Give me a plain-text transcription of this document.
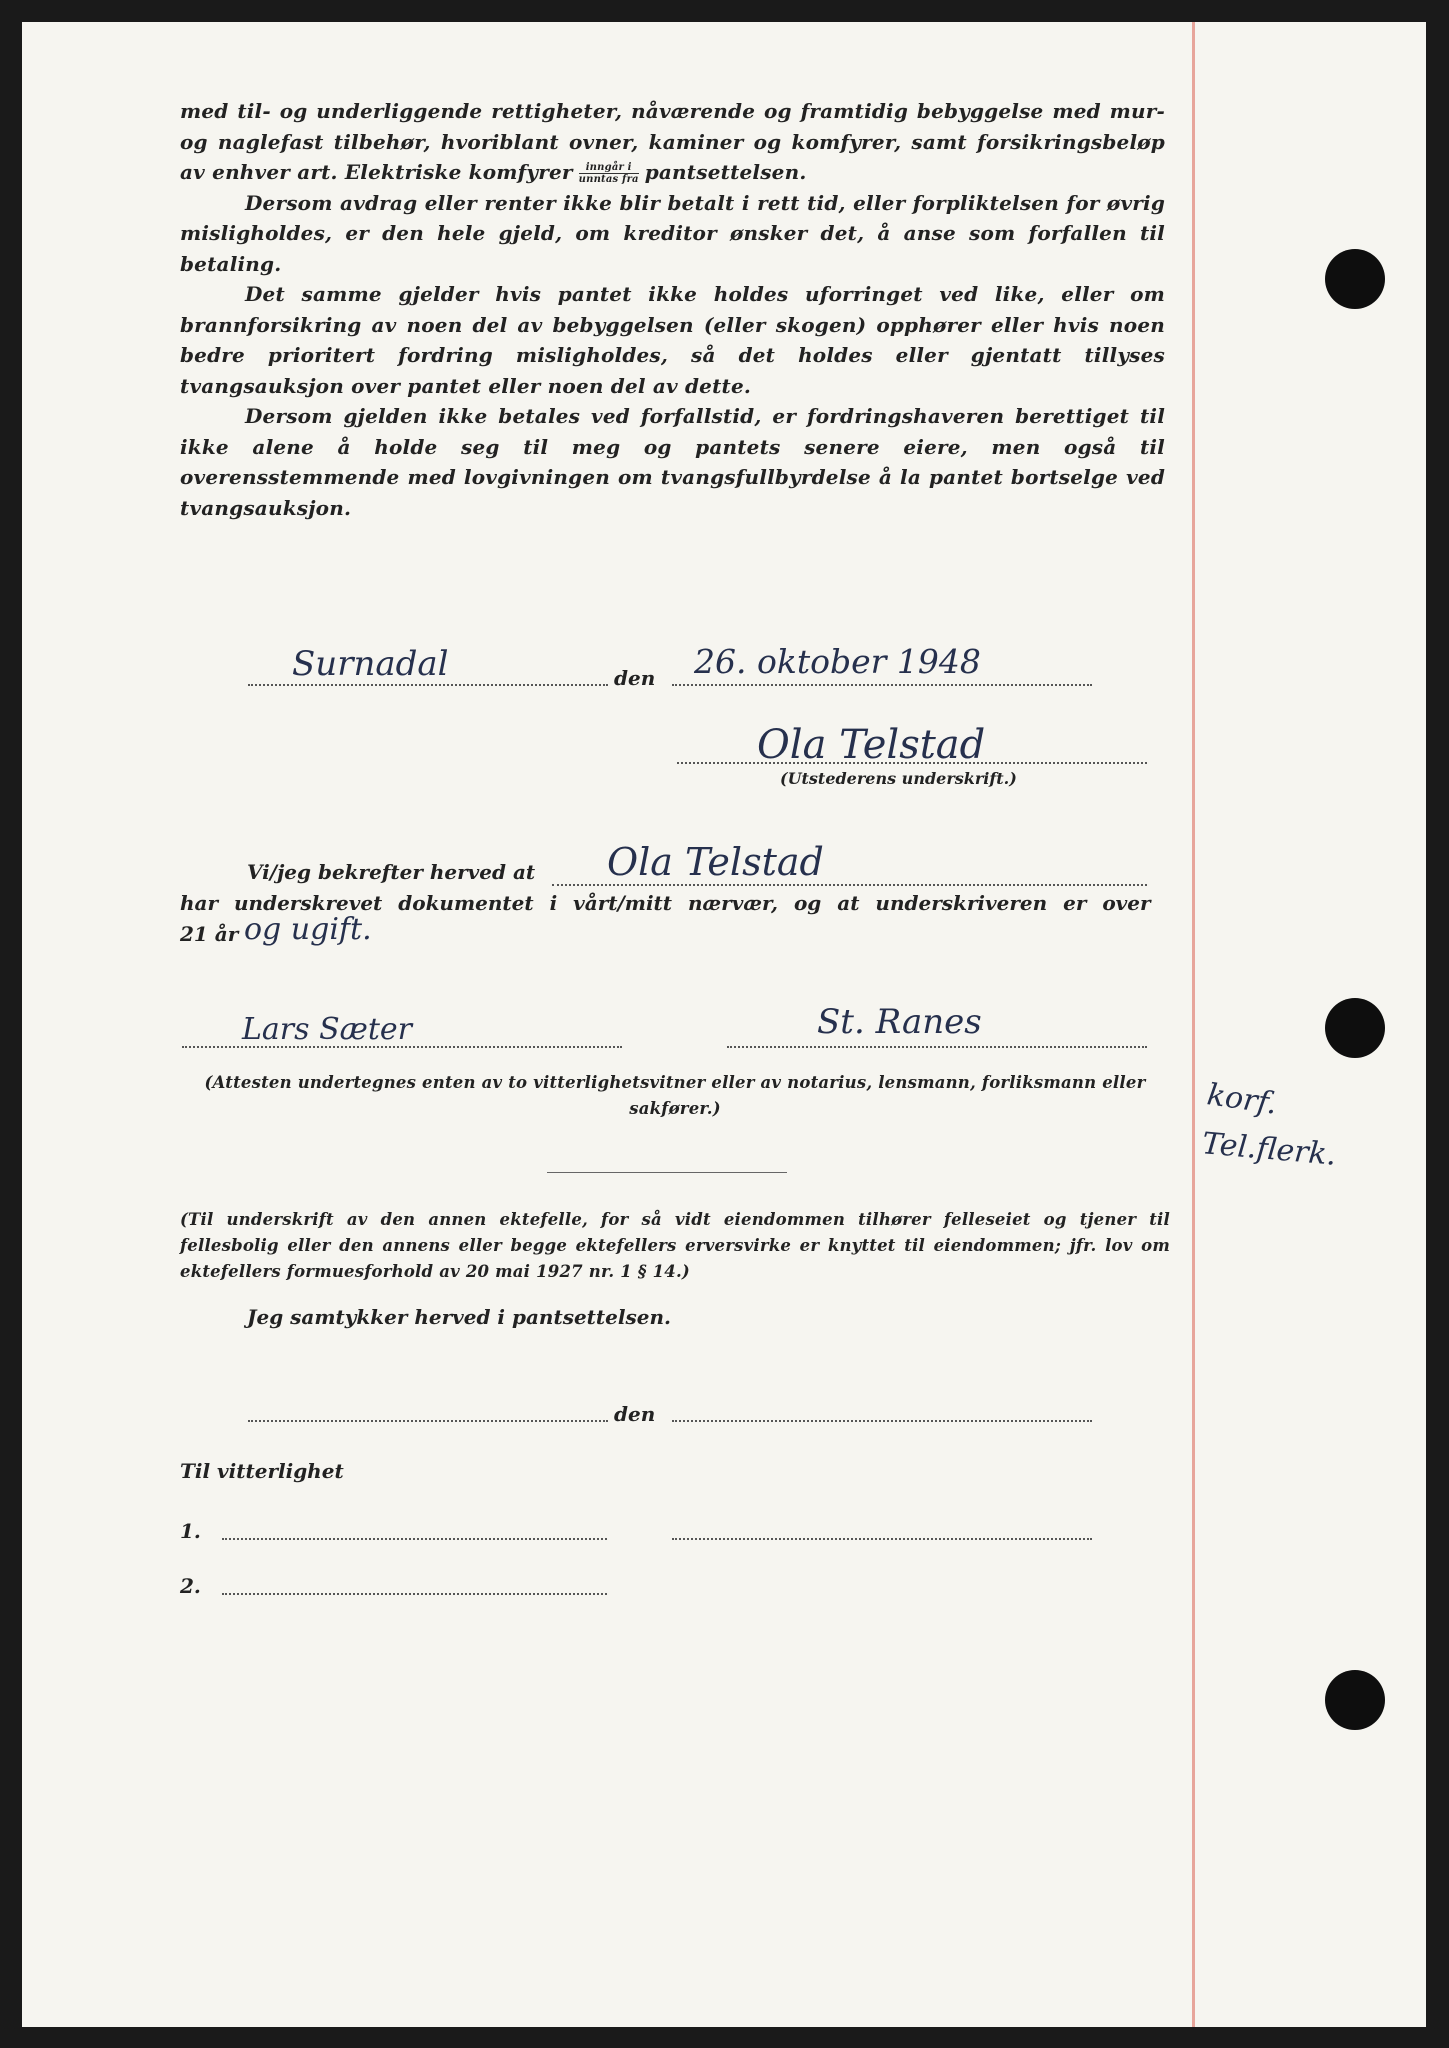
med til- og underliggende rettigheter, nåværende og framtidig bebyggelse med mur- og naglefast tilbehør, hvoriblant ovner, kaminer og komfyrer, samt forsikringsbeløp av enhver art. Elektriske komfyrer $\frac{\text{inngår i}}{\text{unntas fra}}$ pantsettelsen.
Dersom avdrag eller renter ikke blir betalt i rett tid, eller forpliktelsen for øvrig misligholdes, er den hele gjeld, om kreditor ønsker det, å anse som forfallen til betaling.
Det samme gjelder hvis pantet ikke holdes uforringet ved like, eller om brannforsikring av noen del av bebyggelsen (eller skogen) opphører eller hvis noen bedre prioritert fordring misligholdes, så det holdes eller gjentatt tillyses tvangsauksjon over pantet eller noen del av dette.
Dersom gjelden ikke betales ved forfallstid, er fordringshaveren berettiget til ikke alene å holde seg til meg og pantets senere eiere, men også til overensstemmende med lovgivningen om tvangsfullbyrdelse å la pantet bortselge ved tvangsauksjon.
Surnadal	den 26. oktober 1948
Ola Telstad
(Utstederens underskrift.)
Vi/jeg bekrefter herved at Ola Telstad
har underskrevet dokumentet i vårt/mitt nærvær, og at underskriveren er over
21 år og ugift.
Lars Sæter	St. Ranes
(Attesten undertegnes enten av to vitterlighetsvitner eller av notarius, lensmann, forliksmann eller sakfører.)
(Til underskrift av den annen ektefelle, for så vidt eiendommen tilhører felleseiet og tjener til fellesbolig eller den annens eller begge ektefellers erversvirke er knyttet til eiendommen; jfr. lov om ektefellers formuesforhold av 20 mai 1927 nr. 1 § 14.)
Jeg samtykker herved i pantsettelsen.
den
Til vitterlighet
1.
2.
korf.
Tel.flerk.
